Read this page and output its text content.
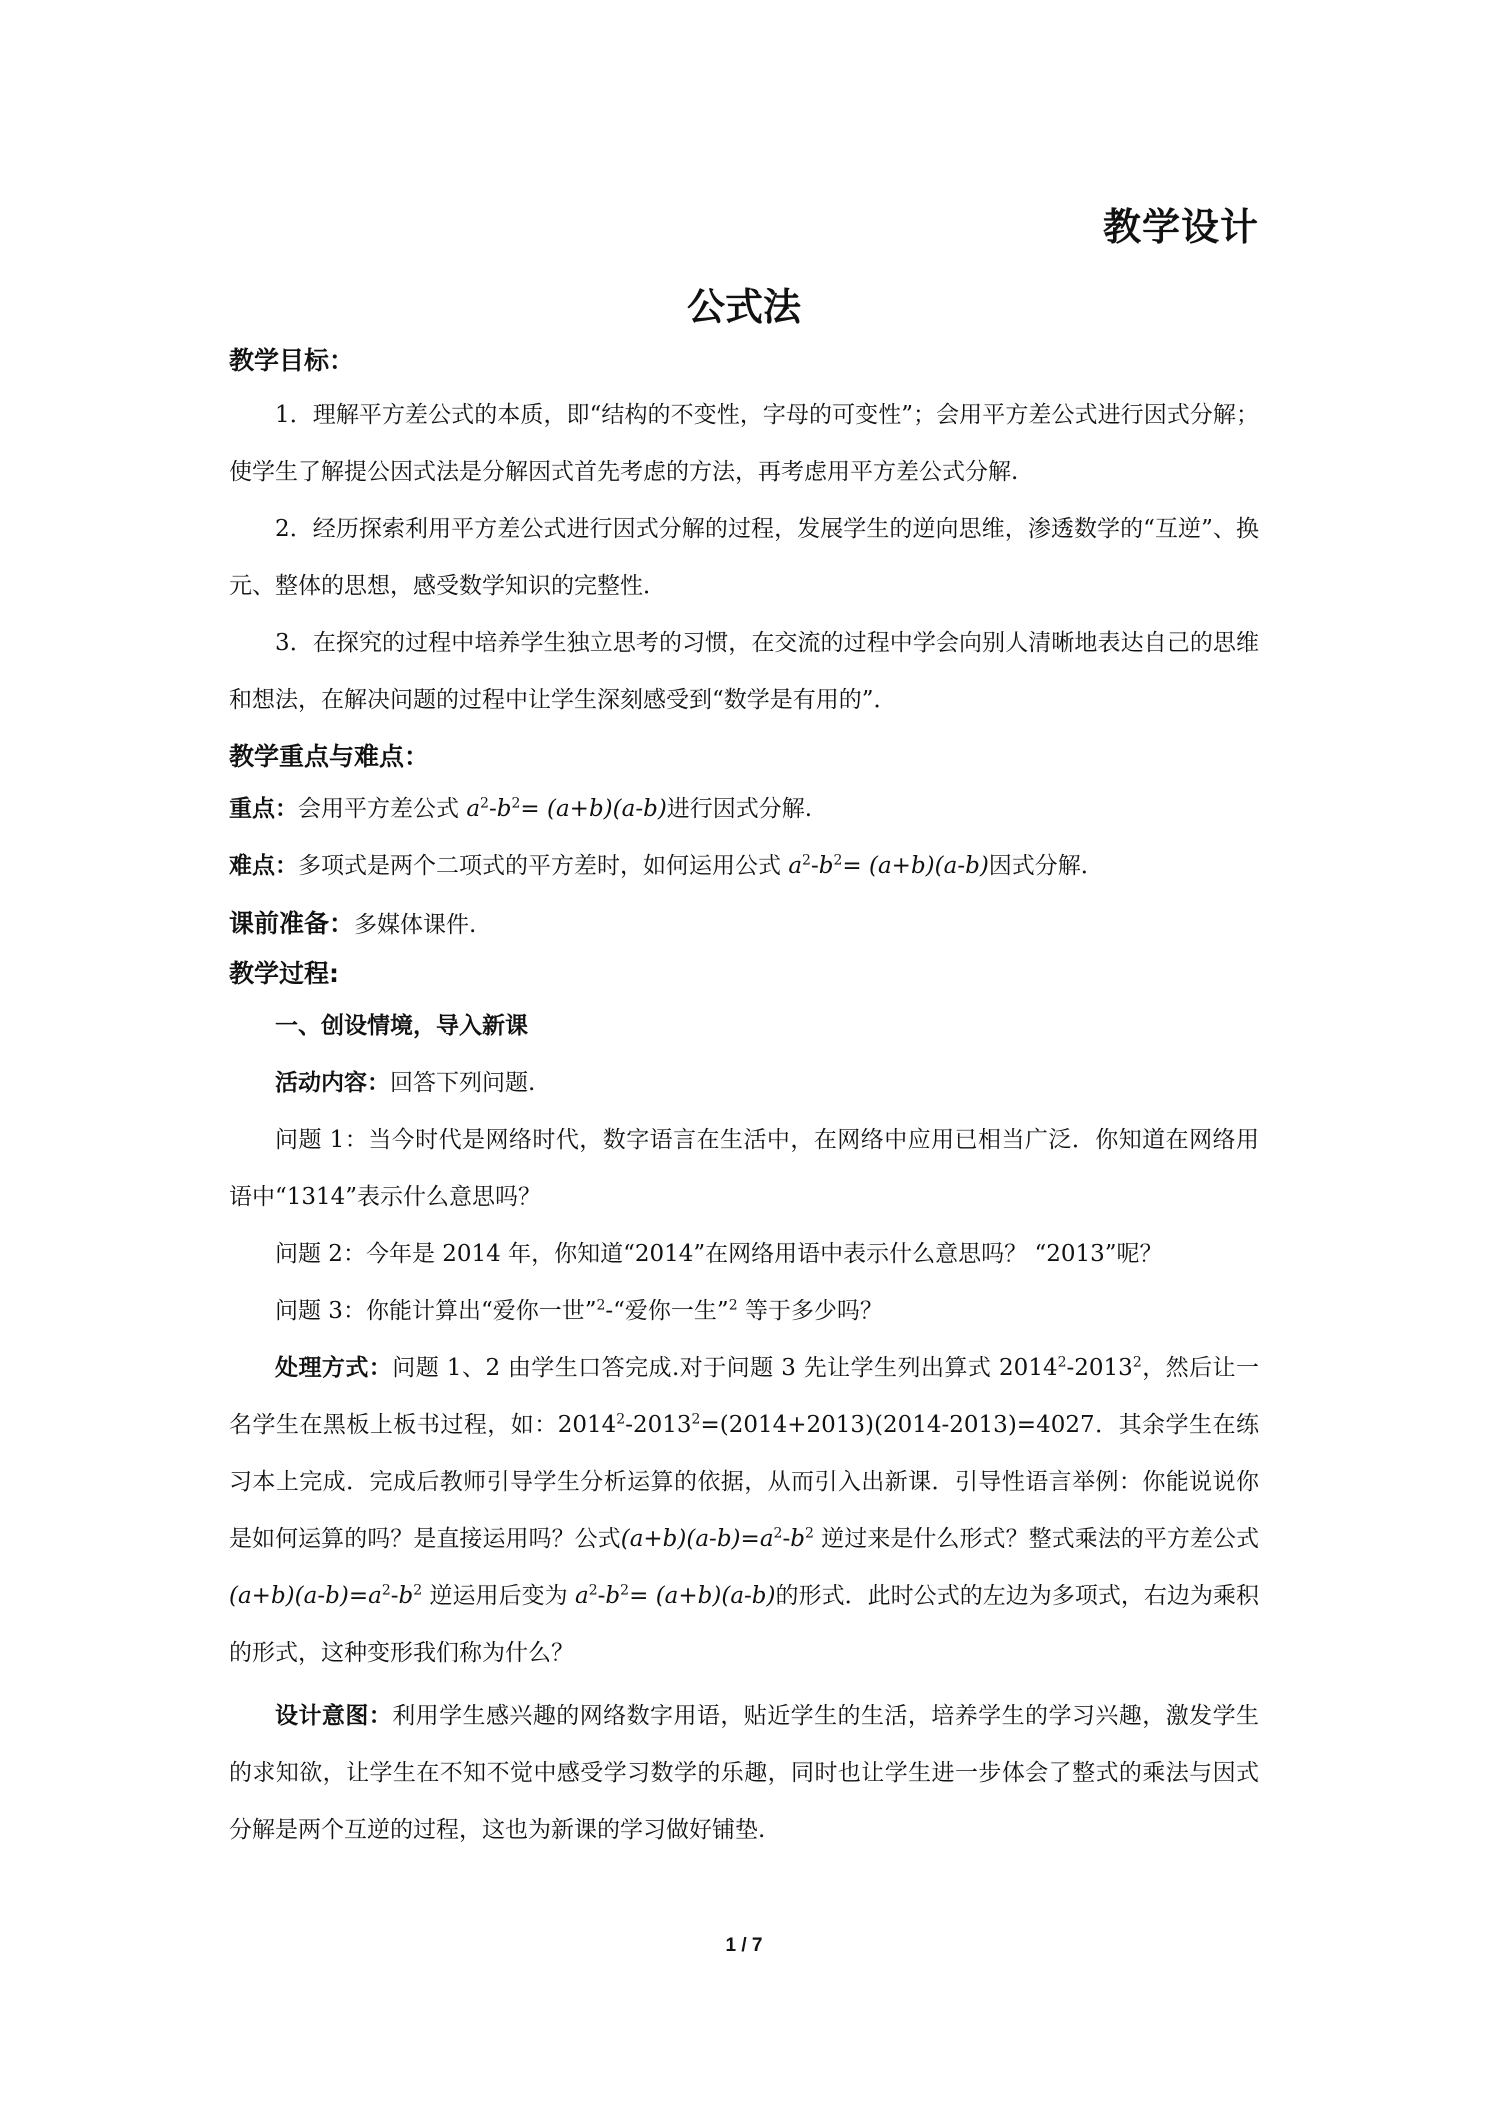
教学设计
公式法
教学目标：

1．理解平方差公式的本质，即“结构的不变性，字母的可变性”；会用平方差公式进行因式分解；使学生了解提公因式法是分解因式首先考虑的方法，再考虑用平方差公式分解.

2．经历探索利用平方差公式进行因式分解的过程，发展学生的逆向思维，渗透数学的“互逆”、换元、整体的思想，感受数学知识的完整性．

3．在探究的过程中培养学生独立思考的习惯，在交流的过程中学会向别人清晰地表达自己的思维和想法，在解决问题的过程中让学生深刻感受到“数学是有用的”．

教学重点与难点：

重点：会用平方差公式 $a^2-b^2= (a+b)(a-b)$进行因式分解.

难点：多项式是两个二项式的平方差时，如何运用公式 $a^2-b^2= (a+b)(a-b)$因式分解．

课前准备：多媒体课件.

教学过程:
一、创设情境，导入新课

活动内容：回答下列问题.

问题 1：当今时代是网络时代，数字语言在生活中，在网络中应用已相当广泛．你知道在网络用语中“1314”表示什么意思吗？

问题 2：今年是 2014 年，你知道“2014”在网络用语中表示什么意思吗？ “2013”呢？

问题 3：你能计算出“爱你一世”$^2$-“爱你一生”$^2$ 等于多少吗？

处理方式：问题 1、2 由学生口答完成.对于问题 3 先让学生列出算式 2014$^2$-2013$^2$，然后让一名学生在黑板上板书过程，如：$2014^2-2013^2=(2014+2013)(2014-2013)=4027$．其余学生在练习本上完成．完成后教师引导学生分析运算的依据，从而引入出新课．引导性语言举例：你能说说你是如何运算的吗？是直接运用吗？公式$(a+b)(a-b)=a^2-b^2$ 逆过来是什么形式？整式乘法的平方差公式$(a+b)(a-b)=a^2-b^2$ 逆运用后变为 $a^2-b^2= (a+b)(a-b)$的形式．此时公式的左边为多项式，右边为乘积的形式，这种变形我们称为什么？

设计意图：利用学生感兴趣的网络数字用语，贴近学生的生活，培养学生的学习兴趣，激发学生的求知欲，让学生在不知不觉中感受学习数学的乐趣，同时也让学生进一步体会了整式的乘法与因式分解是两个互逆的过程，这也为新课的学习做好铺垫.

1 / 7
